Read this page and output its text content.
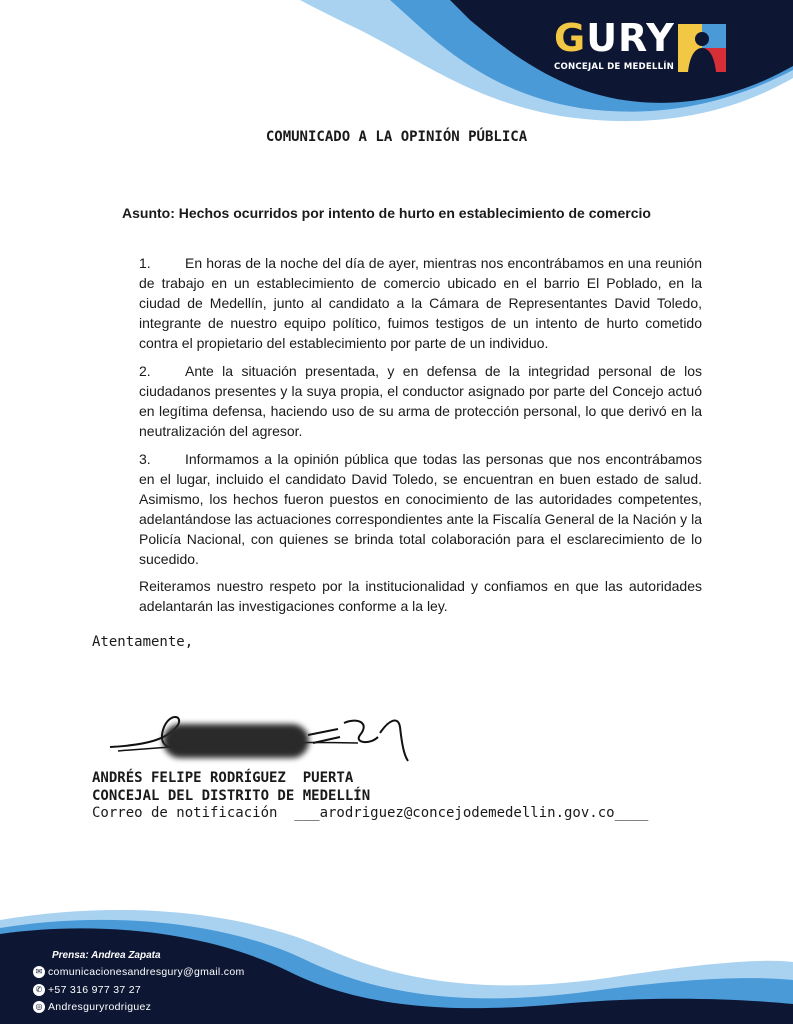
GURY
CONCEJAL DE MEDELLÍN
COMUNICADO A LA OPINIÓN PÚBLICA
Asunto: Hechos ocurridos por intento de hurto en establecimiento de comercio

1. En horas de la noche del día de ayer, mientras nos encontrábamos en una reunión de trabajo en un establecimiento de comercio ubicado en el barrio El Poblado, en la ciudad de Medellín, junto al candidato a la Cámara de Representantes David Toledo, integrante de nuestro equipo político, fuimos testigos de un intento de hurto cometido contra el propietario del establecimiento por parte de un individuo.

2. Ante la situación presentada, y en defensa de la integridad personal de los ciudadanos presentes y la suya propia, el conductor asignado por parte del Concejo actuó en legítima defensa, haciendo uso de su arma de protección personal, lo que derivó en la neutralización del agresor.

3. Informamos a la opinión pública que todas las personas que nos encontrábamos en el lugar, incluido el candidato David Toledo, se encuentran en buen estado de salud. Asimismo, los hechos fueron puestos en conocimiento de las autoridades competentes, adelantándose las actuaciones correspondientes ante la Fiscalía General de la Nación y la Policía Nacional, con quienes se brinda total colaboración para el esclarecimiento de lo sucedido.

Reiteramos nuestro respeto por la institucionalidad y confiamos en que las autoridades adelantarán las investigaciones conforme a la ley.
Atentamente,
ANDRÉS FELIPE RODRÍGUEZ  PUERTA
CONCEJAL DEL DISTRITO DE MEDELLÍN
Correo de notificación  ___arodriguez@concejodemedellin.gov.co____
Prensa: Andrea Zapata
✉ comunicacionesandresgury@gmail.com
✆ +57 316 977 37 27
◎ Andresguryrodriguez
